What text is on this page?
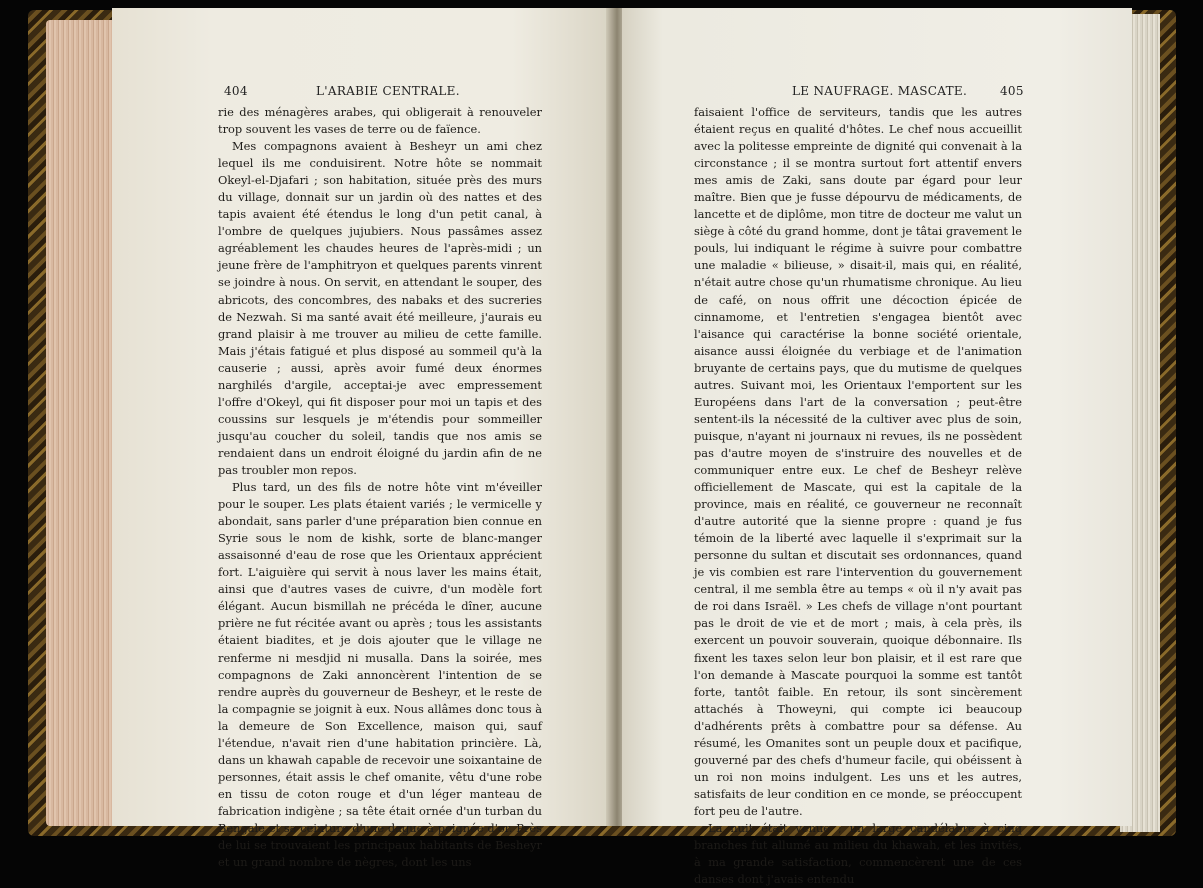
404	L'ARABIE CENTRALE.

rie des ménagères arabes, qui obligerait à renouveler trop souvent les vases de terre ou de faïence.

Mes compagnons avaient à Besheyr un ami chez lequel ils me conduisirent. Notre hôte se nommait Okeyl-el-Djafari ; son habitation, située près des murs du village, donnait sur un jardin où des nattes et des tapis avaient été étendus le long d'un petit canal, à l'ombre de quelques jujubiers. Nous passâmes assez agréablement les chaudes heures de l'après-midi ; un jeune frère de l'amphitryon et quelques parents vinrent se joindre à nous. On servit, en attendant le souper, des abricots, des concombres, des nabaks et des sucreries de Nezwah. Si ma santé avait été meilleure, j'aurais eu grand plaisir à me trouver au milieu de cette famille. Mais j'étais fatigué et plus disposé au sommeil qu'à la causerie ; aussi, après avoir fumé deux énormes narghilés d'argile, acceptai-je avec empressement l'offre d'Okeyl, qui fit disposer pour moi un tapis et des coussins sur lesquels je m'étendis pour sommeiller jusqu'au coucher du soleil, tandis que nos amis se rendaient dans un endroit éloigné du jardin afin de ne pas troubler mon repos.

Plus tard, un des fils de notre hôte vint m'éveiller pour le souper. Les plats étaient variés ; le vermicelle y abondait, sans parler d'une préparation bien connue en Syrie sous le nom de kishk, sorte de blanc-manger assaisonné d'eau de rose que les Orientaux apprécient fort. L'aiguière qui servit à nous laver les mains était, ainsi que d'autres vases de cuivre, d'un modèle fort élégant. Aucun bismillah ne précéda le dîner, aucune prière ne fut récitée avant ou après ; tous les assistants étaient biadites, et je dois ajouter que le village ne renferme ni mesdjid ni musalla. Dans la soirée, mes compagnons de Zaki annoncèrent l'intention de se rendre auprès du gouverneur de Besheyr, et le reste de la compagnie se joignit à eux. Nous allâmes donc tous à la demeure de Son Excellence, maison qui, sauf l'étendue, n'avait rien d'une habitation princière. Là, dans un khawah capable de recevoir une soixantaine de personnes, était assis le chef omanite, vêtu d'une robe en tissu de coton rouge et d'un léger manteau de fabrication indigène ; sa tête était ornée d'un turban du Bengale et sa ceinture d'une dague à poignée d'or. Près de lui se trouvaient les principaux habitants de Besheyr et un grand nombre de nègres, dont les uns

LE NAUFRAGE. MASCATE.	405

faisaient l'office de serviteurs, tandis que les autres étaient reçus en qualité d'hôtes. Le chef nous accueillit avec la politesse empreinte de dignité qui convenait à la circonstance ; il se montra surtout fort attentif envers mes amis de Zaki, sans doute par égard pour leur maître. Bien que je fusse dépourvu de médicaments, de lancette et de diplôme, mon titre de docteur me valut un siège à côté du grand homme, dont je tâtai gravement le pouls, lui indiquant le régime à suivre pour combattre une maladie « bilieuse, » disait-il, mais qui, en réalité, n'était autre chose qu'un rhumatisme chronique. Au lieu de café, on nous offrit une décoction épicée de cinnamome, et l'entretien s'engagea bientôt avec l'aisance qui caractérise la bonne société orientale, aisance aussi éloignée du verbiage et de l'animation bruyante de certains pays, que du mutisme de quelques autres. Suivant moi, les Orientaux l'emportent sur les Européens dans l'art de la conversation ; peut-être sentent-ils la nécessité de la cultiver avec plus de soin, puisque, n'ayant ni journaux ni revues, ils ne possèdent pas d'autre moyen de s'instruire des nouvelles et de communiquer entre eux. Le chef de Besheyr relève officiellement de Mascate, qui est la capitale de la province, mais en réalité, ce gouverneur ne reconnaît d'autre autorité que la sienne propre : quand je fus témoin de la liberté avec laquelle il s'exprimait sur la personne du sultan et discutait ses ordonnances, quand je vis combien est rare l'intervention du gouvernement central, il me sembla être au temps « où il n'y avait pas de roi dans Israël. » Les chefs de village n'ont pourtant pas le droit de vie et de mort ; mais, à cela près, ils exercent un pouvoir souverain, quoique débonnaire. Ils fixent les taxes selon leur bon plaisir, et il est rare que l'on demande à Mascate pourquoi la somme est tantôt forte, tantôt faible. En retour, ils sont sincèrement attachés à Thoweyni, qui compte ici beaucoup d'adhérents prêts à combattre pour sa défense. Au résumé, les Omanites sont un peuple doux et pacifique, gouverné par des chefs d'humeur facile, qui obéissent à un roi non moins indulgent. Les uns et les autres, satisfaits de leur condition en ce monde, se préoccupent fort peu de l'autre.

La nuit était venue ; un large candélabre à cinq branches fut allumé au milieu du khawah, et les invités, à ma grande satisfaction, commencèrent une de ces danses dont j'avais entendu
